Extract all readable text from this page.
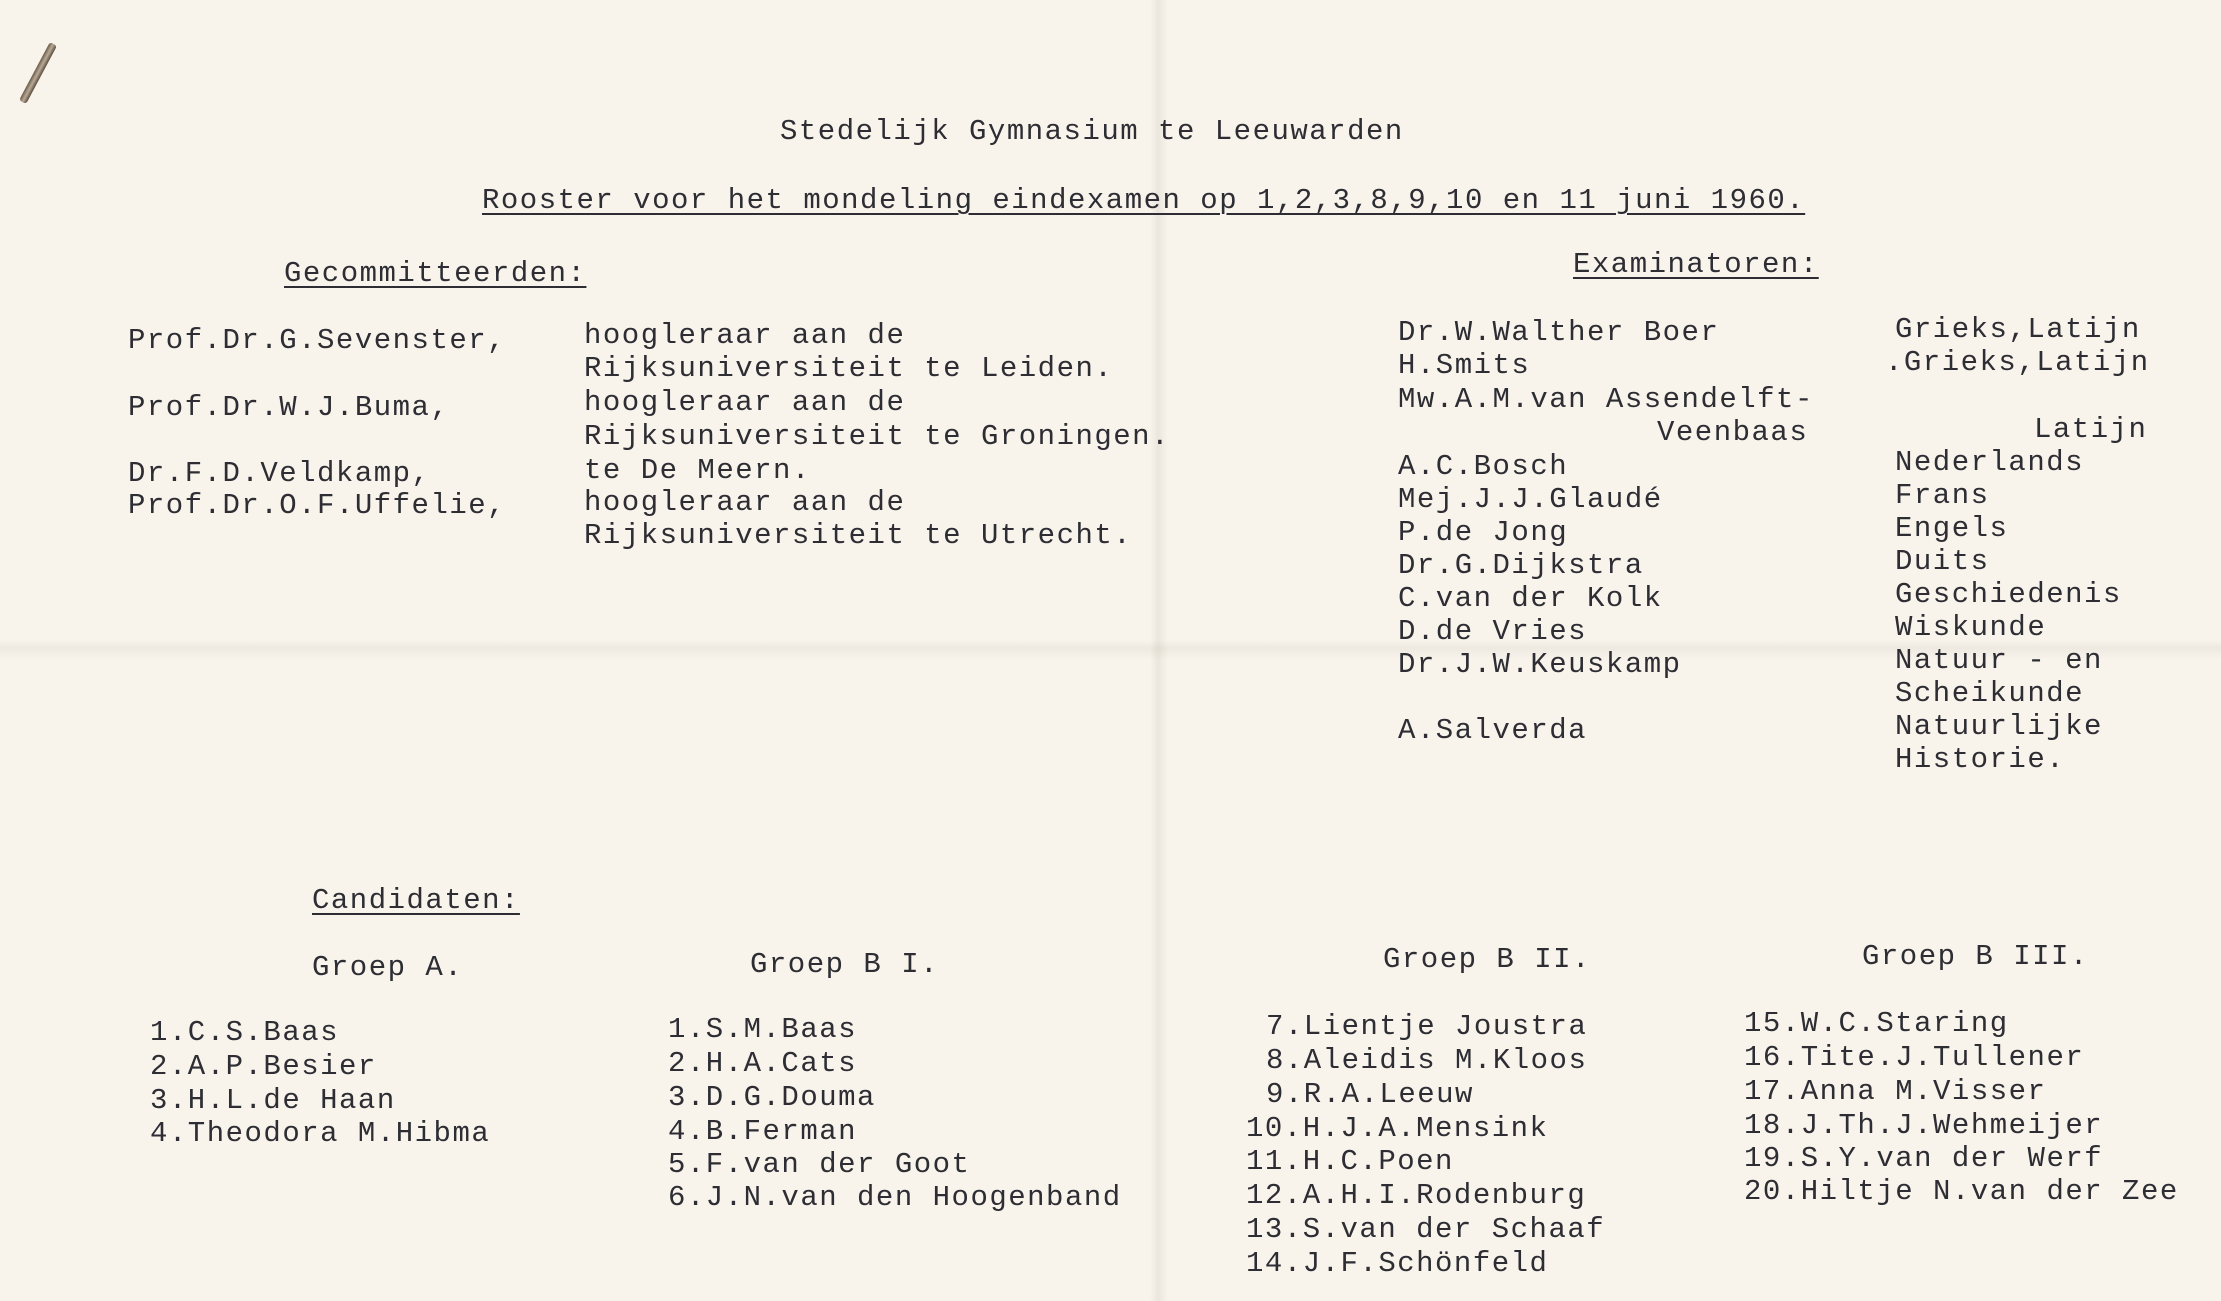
Stedelijk Gymnasium te Leeuwarden
Rooster voor het mondeling eindexamen op 1,2,3,8,9,10 en 11 juni 1960.
Gecommitteerden:
Prof.Dr.G.Sevenster,	hoogleraar aan de
Rijksuniversiteit te Leiden.
Prof.Dr.W.J.Buma,	hoogleraar aan de
Rijksuniversiteit te Groningen.
Dr.F.D.Veldkamp,	te De Meern.
Prof.Dr.O.F.Uffelie,	hoogleraar aan de
Rijksuniversiteit te Utrecht.
Examinatoren:
Dr.W.Walther Boer	Grieks,Latijn
H.Smits	.Grieks,Latijn
Mw.A.M.van Assendelft-
Veenbaas	Latijn
A.C.Bosch	Nederlands
Mej.J.J.Glaudé	Frans
P.de Jong	Engels
Dr.G.Dijkstra	Duits
C.van der Kolk	Geschiedenis
D.de Vries	Wiskunde
Dr.J.W.Keuskamp	Natuur - en
Scheikunde
A.Salverda	Natuurlijke
Historie.
Candidaten:
Groep A.
1.C.S.Baas
2.A.P.Besier
3.H.L.de Haan
4.Theodora M.Hibma
Groep B I.
1.S.M.Baas
2.H.A.Cats
3.D.G.Douma
4.B.Ferman
5.F.van der Goot
6.J.N.van den Hoogenband
Groep B II.
7.Lientje Joustra
8.Aleidis M.Kloos
9.R.A.Leeuw
10.H.J.A.Mensink
11.H.C.Poen
12.A.H.I.Rodenburg
13.S.van der Schaaf
14.J.F.Schönfeld
Groep B III.
15.W.C.Staring
16.Tite.J.Tullener
17.Anna M.Visser
18.J.Th.J.Wehmeijer
19.S.Y.van der Werf
20.Hiltje N.van der Zee
